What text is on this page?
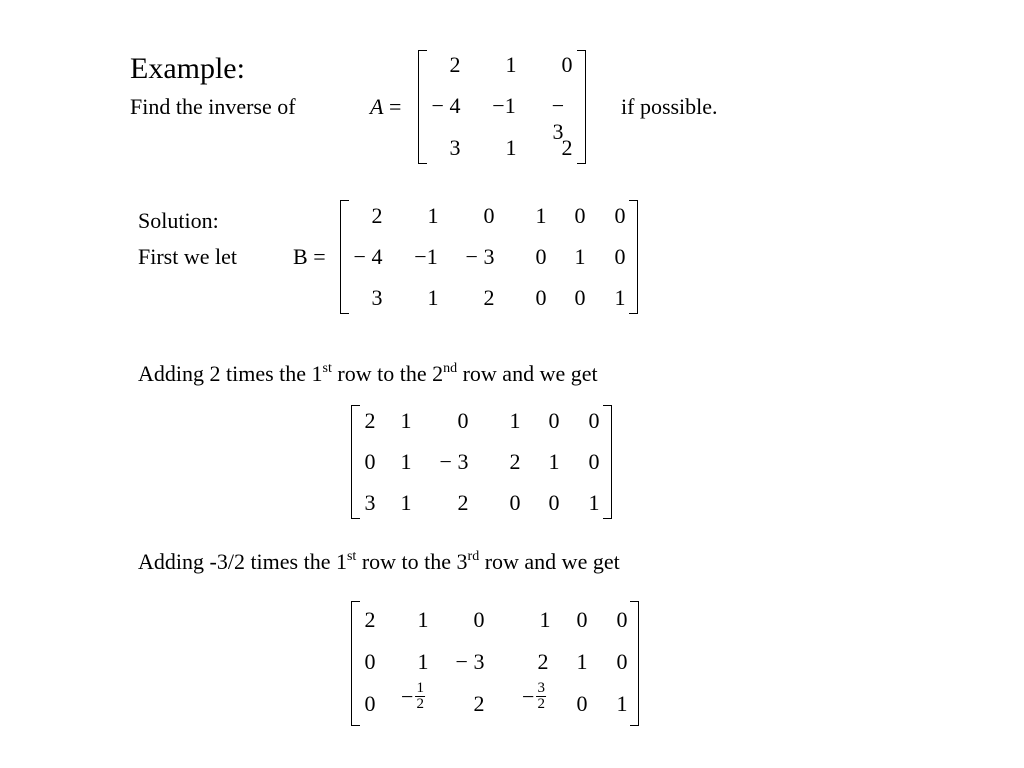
Example:
Find the inverse of	A =
2 1 0
− 4 −1	− 3
3 1 2
if possible.
Solution:
First we let	B =
2 1 0 1 0 0
− 4 −1 − 3 0 1 0
3 1 2 0 0 1
Adding 2 times the 1st row to the 2nd row and we get
2 1 0 1 0 0
0 1 − 3 2 1 0
3 1 2 0 0 1
Adding -3/2 times the 1st row to the 3rd row and we get
2 1 0	1 0 0
0 1 − 3 2 1 0
$0 - \frac{1}{2} 2 - \frac{3}{2} 0$ 1
